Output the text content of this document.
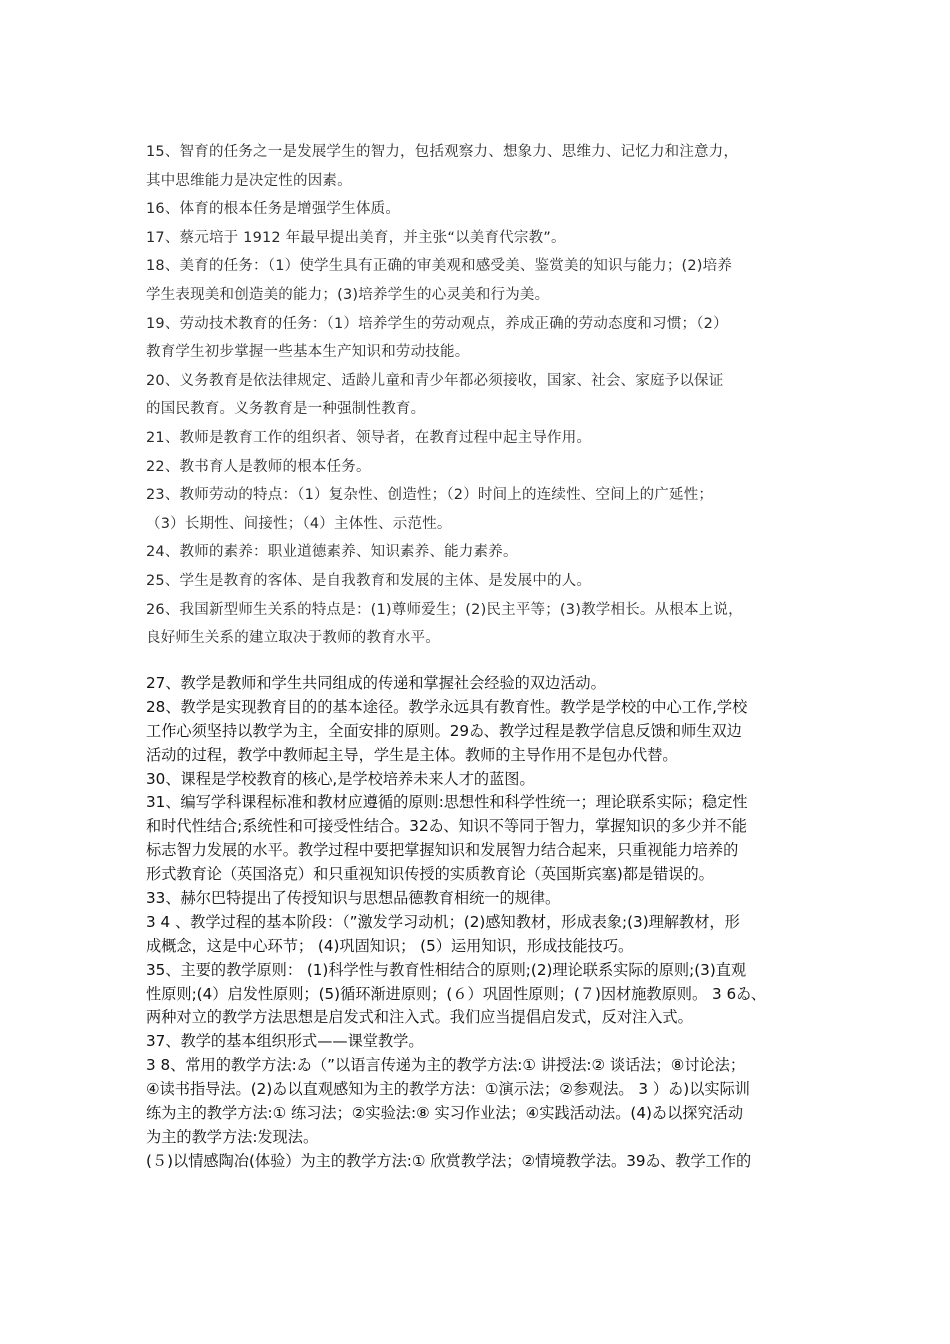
15、智育的任务之一是发展学生的智力，包括观察力、想象力、思维力、记忆力和注意力，
其中思维能力是决定性的因素。
16、体育的根本任务是增强学生体质。
17、蔡元培于 1912 年最早提出美育，并主张“以美育代宗教”。
18、美育的任务：（1）使学生具有正确的审美观和感受美、鉴赏美的知识与能力；(2)培养
学生表现美和创造美的能力；(3)培养学生的心灵美和行为美。
19、劳动技术教育的任务：（1）培养学生的劳动观点，养成正确的劳动态度和习惯；（2）
教育学生初步掌握一些基本生产知识和劳动技能。
20、义务教育是依法律规定、适龄儿童和青少年都必须接收，国家、社会、家庭予以保证
的国民教育。义务教育是一种强制性教育。
21、教师是教育工作的组织者、领导者，在教育过程中起主导作用。
22、教书育人是教师的根本任务。
23、教师劳动的特点：（1）复杂性、创造性；（2）时间上的连续性、空间上的广延性；
（3）长期性、间接性；（4）主体性、示范性。
24、教师的素养：职业道德素养、知识素养、能力素养。
25、学生是教育的客体、是自我教育和发展的主体、是发展中的人。
26、我国新型师生关系的特点是：(1)尊师爱生；(2)民主平等；(3)教学相长。从根本上说，
良好师生关系的建立取决于教师的教育水平。
27、教学是教师和学生共同组成的传递和掌握社会经验的双边活动。
28、教学是实现教育目的的基本途径。教学永远具有教育性。教学是学校的中心工作,学校
工作心须坚持以教学为主，全面安排的原则。29ゐ、教学过程是教学信息反馈和师生双边
活动的过程，教学中教师起主导，学生是主体。教师的主导作用不是包办代替。
30、课程是学校教育的核心,是学校培养未来人才的蓝图。
31、编写学科课程标准和教材应遵循的原则:思想性和科学性统一；理论联系实际；稳定性
和时代性结合;系统性和可接受性结合。32ゐ、知识不等同于智力，掌握知识的多少并不能
标志智力发展的水平。教学过程中要把掌握知识和发展智力结合起来，只重视能力培养的
形式教育论（英国洛克）和只重视知识传授的实质教育论（英国斯宾塞)都是错误的。
33、赫尔巴特提出了传授知识与思想品德教育相统一的规律。
3 4 、教学过程的基本阶段：（”激发学习动机；(2)感知教材，形成表象;(3)理解教材，形
成概念，这是中心环节； (4)巩固知识； (5）运用知识，形成技能技巧。
35、主要的教学原则： (1)科学性与教育性相结合的原则;(2)理论联系实际的原则;(3)直观
性原则;(4）启发性原则；(5)循环渐进原则；(６）巩固性原则；(７)因材施教原则。 3 6ゐ、
两种对立的教学方法思想是启发式和注入式。我们应当提倡启发式，反对注入式。
37、教学的基本组织形式——课堂教学。
3 8、常用的教学方法:ゐ（”以语言传递为主的教学方法:① 讲授法:② 谈话法；⑧讨论法；
④读书指导法。(2)ゐ以直观感知为主的教学方法：①演示法；②参观法。 3 ）ゐ)以实际训
练为主的教学方法:① 练习法；②实验法:⑧ 实习作业法；④实践活动法。(4)ゐ以探究活动
为主的教学方法:发现法。
(５)以情感陶冶(体验）为主的教学方法:① 欣赏教学法；②情境教学法。39ゐ、教学工作的
